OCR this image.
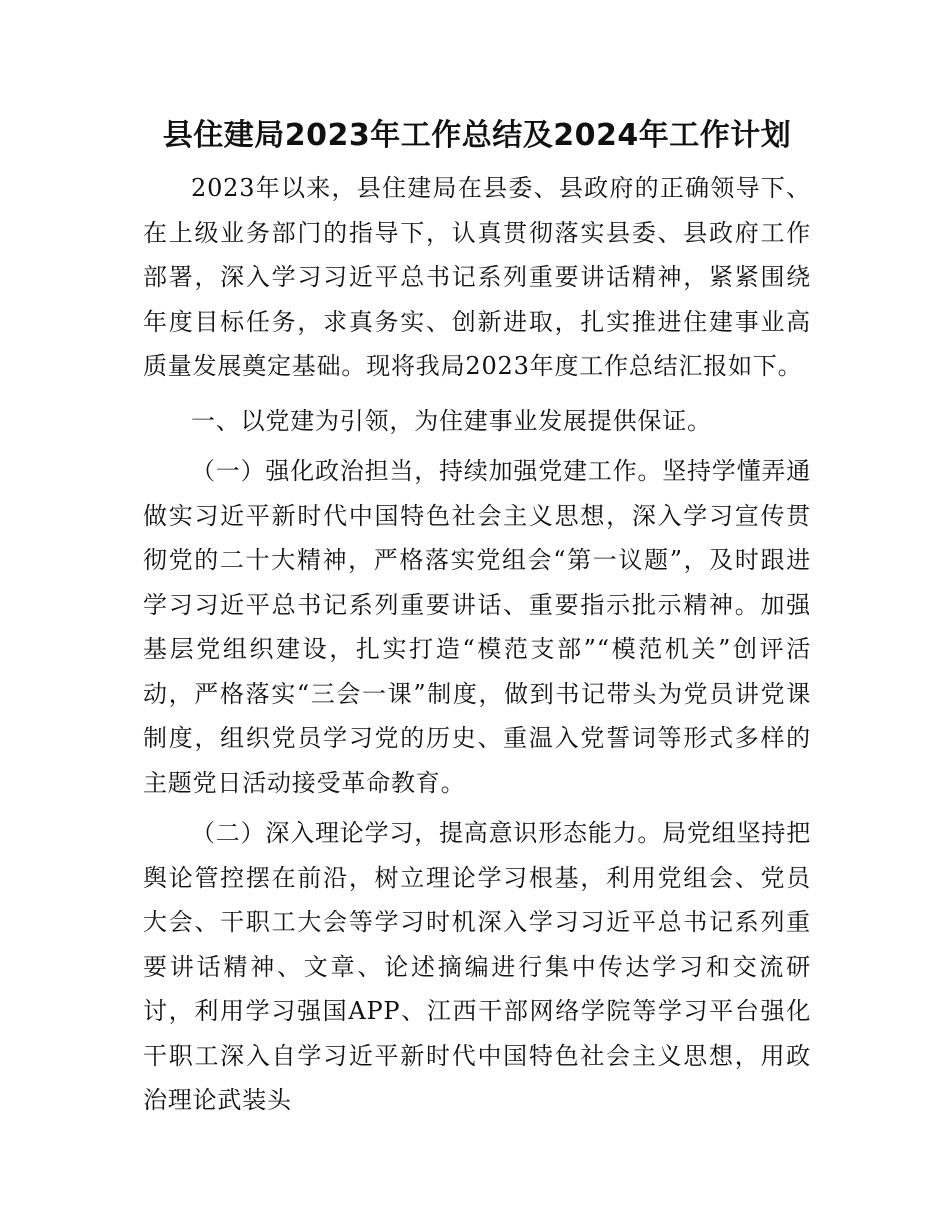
县住建局2023年工作总结及2024年工作计划

2023年以来，县住建局在县委、县政府的正确领导下、在上级业务部门的指导下，认真贯彻落实县委、县政府工作部署，深入学习习近平总书记系列重要讲话精神，紧紧围绕年度目标任务，求真务实、创新进取，扎实推进住建事业高质量发展奠定基础。现将我局2023年度工作总结汇报如下。

一、以党建为引领，为住建事业发展提供保证。

（一）强化政治担当，持续加强党建工作。坚持学懂弄通做实习近平新时代中国特色社会主义思想，深入学习宣传贯彻党的二十大精神，严格落实党组会“第一议题”，及时跟进学习习近平总书记系列重要讲话、重要指示批示精神。加强基层党组织建设，扎实打造“模范支部”“模范机关”创评活动，严格落实“三会一课”制度，做到书记带头为党员讲党课制度，组织党员学习党的历史、重温入党誓词等形式多样的主题党日活动接受革命教育。

（二）深入理论学习，提高意识形态能力。局党组坚持把舆论管控摆在前沿，树立理论学习根基，利用党组会、党员大会、干职工大会等学习时机深入学习习近平总书记系列重要讲话精神、文章、论述摘编进行集中传达学习和交流研讨，利用学习强国APP、江西干部网络学院等学习平台强化干职工深入自学习近平新时代中国特色社会主义思想，用政治理论武装头
